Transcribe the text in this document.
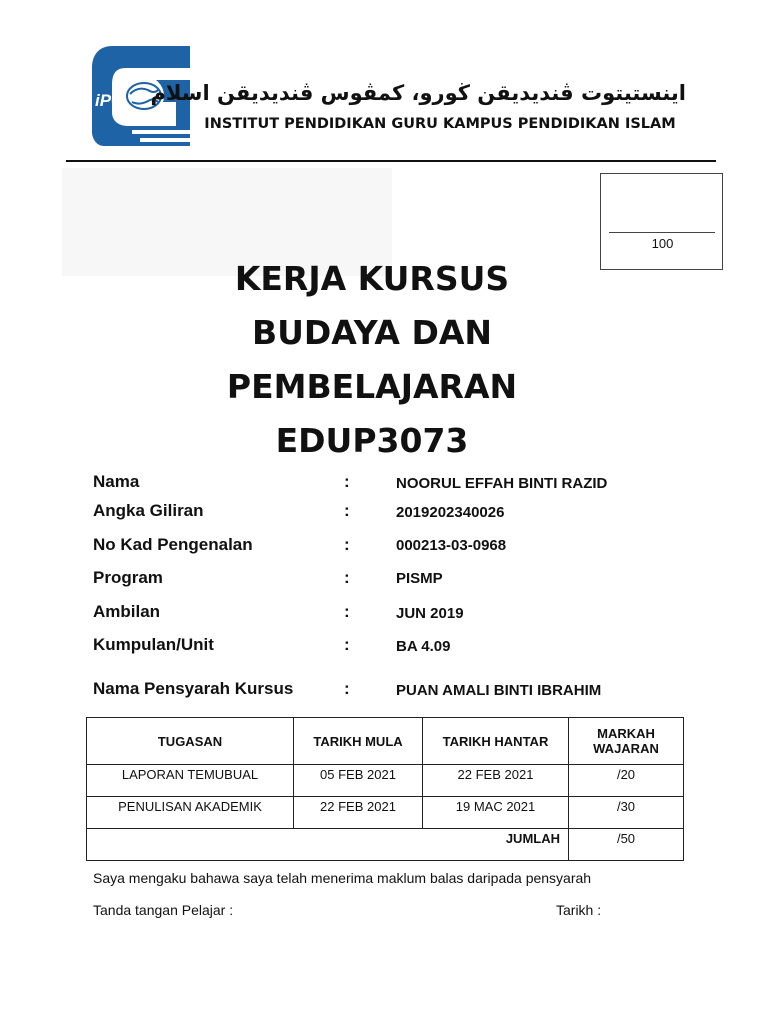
iPG اينستيتوت ڤنديديقن ڬورو، كمڤوس ڤنديديقن اسلام
INSTITUT PENDIDIKAN GURU KAMPUS PENDIDIKAN ISLAM
100
KERJA KURSUS
BUDAYA DAN
PEMBELAJARAN
EDUP3073
Nama	:	NOORUL EFFAH BINTI RAZID
Angka Giliran	:	2019202340026
No Kad Pengenalan	:	000213-03-0968
Program	:	PISMP
Ambilan	:	JUN 2019
Kumpulan/Unit	:	BA 4.09
Nama Pensyarah Kursus	:	PUAN AMALI BINTI IBRAHIM
TUGASAN	TARIKH MULA	TARIKH HANTAR	MARKAH WAJARAN
LAPORAN TEMUBUAL	05 FEB 2021	22 FEB 2021	/20
PENULISAN AKADEMIK	22 FEB 2021	19 MAC 2021	/30
JUMLAH			/50
Saya mengaku bahawa saya telah menerima maklum balas daripada pensyarah
Tanda tangan Pelajar :	Tarikh :
